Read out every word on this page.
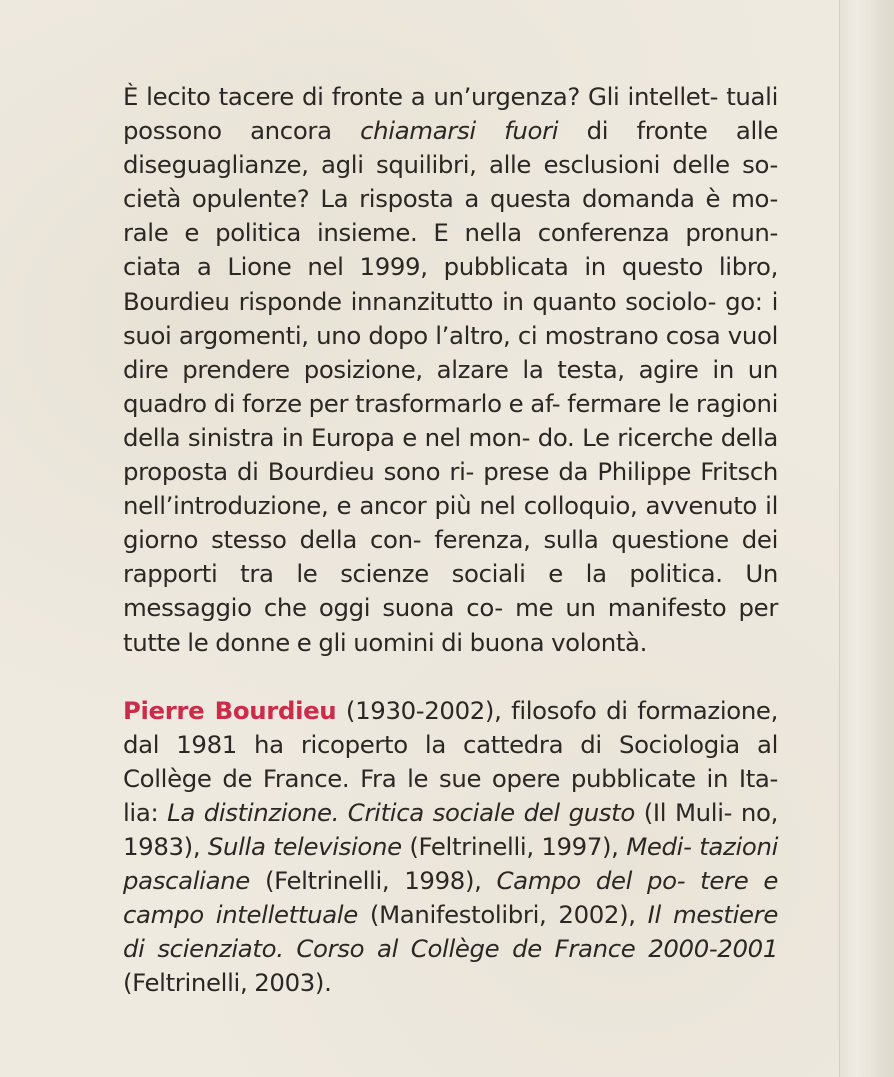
È lecito tacere di fronte a un’urgenza? Gli intellet- tuali possono ancora chiamarsi fuori di fronte alle diseguaglianze, agli squilibri, alle esclusioni delle so- cietà opulente? La risposta a questa domanda è mo- rale e politica insieme. E nella conferenza pronun- ciata a Lione nel 1999, pubblicata in questo libro, Bourdieu risponde innanzitutto in quanto sociolo- go: i suoi argomenti, uno dopo l’altro, ci mostrano cosa vuol dire prendere posizione, alzare la testa, agire in un quadro di forze per trasformarlo e af- fermare le ragioni della sinistra in Europa e nel mon- do. Le ricerche della proposta di Bourdieu sono ri- prese da Philippe Fritsch nell’introduzione, e ancor più nel colloquio, avvenuto il giorno stesso della con- ferenza, sulla questione dei rapporti tra le scienze sociali e la politica. Un messaggio che oggi suona co- me un manifesto per tutte le donne e gli uomini di buona volontà.

Pierre Bourdieu (1930-2002), filosofo di formazione, dal 1981 ha ricoperto la cattedra di Sociologia al Collège de France. Fra le sue opere pubblicate in Ita- lia: La distinzione. Critica sociale del gusto (Il Muli- no, 1983), Sulla televisione (Feltrinelli, 1997), Medi- tazioni pascaliane (Feltrinelli, 1998), Campo del po- tere e campo intellettuale (Manifestolibri, 2002), Il mestiere di scienziato. Corso al Collège de France 2000-2001 (Feltrinelli, 2003).
